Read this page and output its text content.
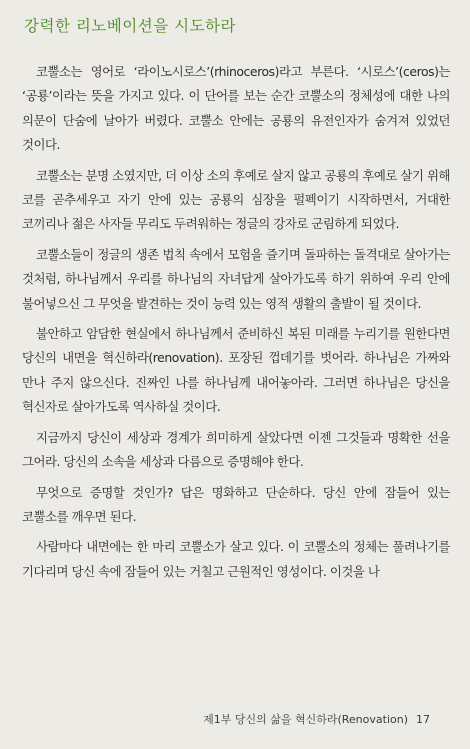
강력한 리노베이션을 시도하라

코뿔소는 영어로 ‘라이노시로스’(rhinoceros)라고 부른다. ‘시로스’(ceros)는 ‘공룡’이라는 뜻을 가지고 있다. 이 단어를 보는 순간 코뿔소의 정체성에 대한 나의 의문이 단숨에 날아가 버렸다. 코뿔소 안에는 공룡의 유전인자가 숨겨져 있었던 것이다.

코뿔소는 분명 소였지만, 더 이상 소의 후예로 살지 않고 공룡의 후예로 살기 위해 코를 곧추세우고 자기 안에 있는 공룡의 심장을 펄펙이기 시작하면서, 거대한 코끼리나 젊은 사자들 무리도 두려워하는 정글의 강자로 군림하게 되었다.

코뿔소들이 정글의 생존 법칙 속에서 모험을 즐기며 돌파하는 돌격대로 살아가는 것처럼, 하나님께서 우리를 하나님의 자녀답게 살아가도록 하기 위하여 우리 안에 불어넣으신 그 무엇을 발견하는 것이 능력 있는 영적 생활의 출발이 될 것이다.

불안하고 암담한 현실에서 하나님께서 준비하신 복된 미래를 누리기를 원한다면 당신의 내면을 혁신하라(renovation). 포장된 껍데기를 벗어라. 하나님은 가짜와 만나 주지 않으신다. 진짜인 나를 하나님께 내어놓아라. 그러면 하나님은 당신을 혁신자로 살아가도록 역사하실 것이다.

지금까지 당신이 세상과 경계가 희미하게 살았다면 이젠 그것들과 명확한 선을 그어라. 당신의 소속을 세상과 다름으로 증명해야 한다.

무엇으로 증명할 것인가? 답은 명화하고 단순하다. 당신 안에 잠들어 있는 코뿔소를 깨우면 된다.

사람마다 내면에는 한 마리 코뿔소가 살고 있다. 이 코뿔소의 정체는 풀려나기를 기다리며 당신 속에 잠들어 있는 거칠고 근원적인 영성이다. 이것을 나

제1부 당신의 삶을 혁신하라(Renovation) 17
